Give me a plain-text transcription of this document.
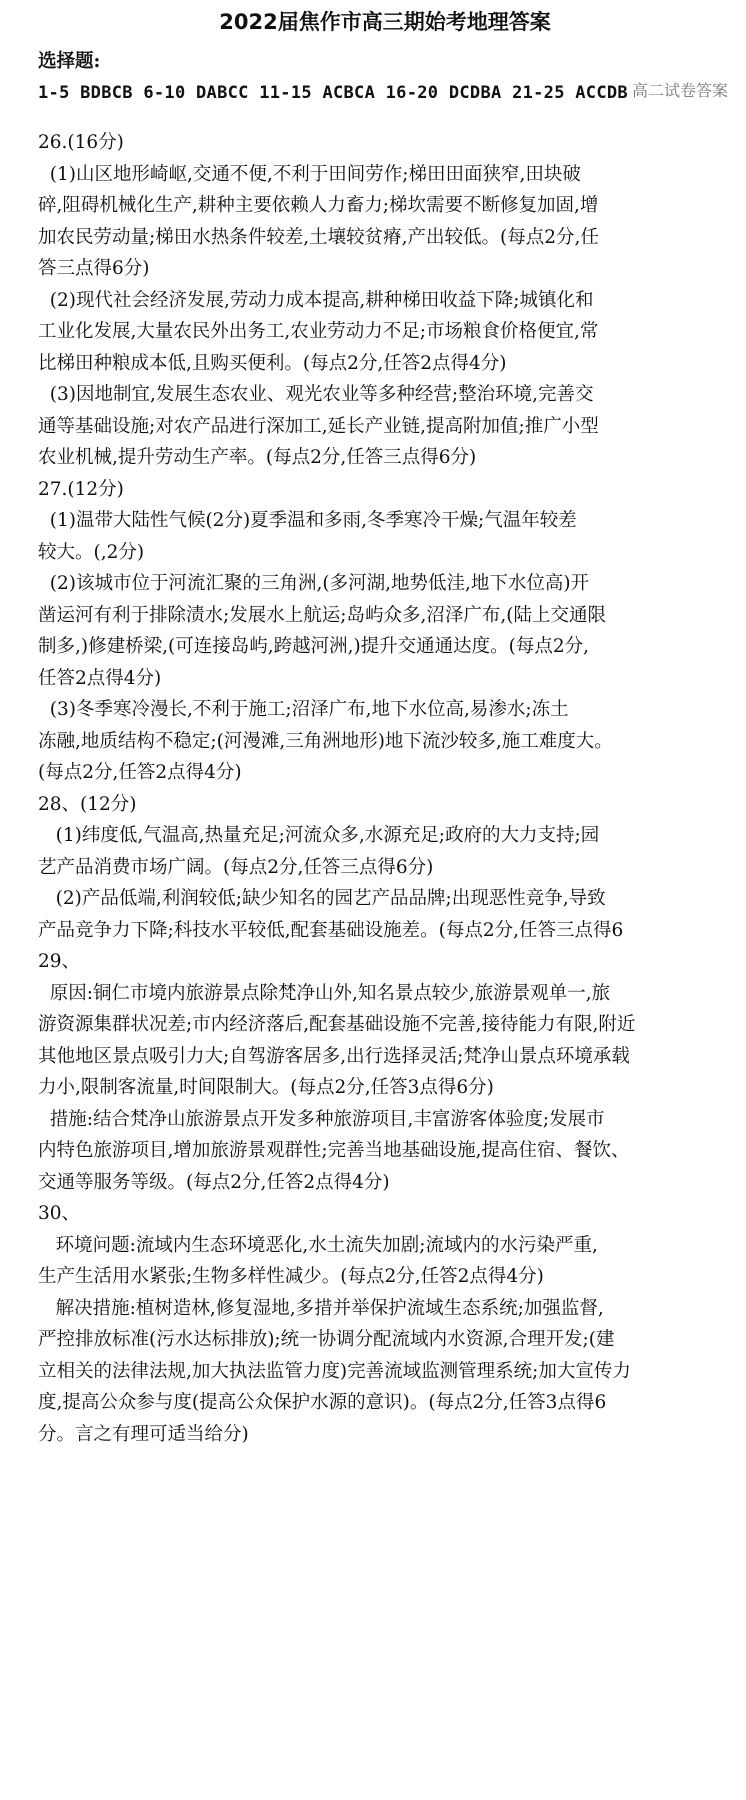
2022届焦作市高三期始考地理答案
高二试卷答案
选择题:
1-5 BDBCB 6-10 DABCC 11-15 ACBCA 16-20 DCDBA 21-25 ACCDB
26.(16分)
(1)山区地形崎岖,交通不便,不利于田间劳作;梯田田面狭窄,田块破
碎,阻碍机械化生产,耕种主要依赖人力畜力;梯坎需要不断修复加固,增
加农民劳动量;梯田水热条件较差,土壤较贫瘠,产出较低。(每点2分,任
答三点得6分)
(2)现代社会经济发展,劳动力成本提高,耕种梯田收益下降;城镇化和
工业化发展,大量农民外出务工,农业劳动力不足;市场粮食价格便宜,常
比梯田种粮成本低,且购买便利。(每点2分,任答2点得4分)
(3)因地制宜,发展生态农业、观光农业等多种经营;整治环境,完善交
通等基础设施;对农产品进行深加工,延长产业链,提高附加值;推广小型
农业机械,提升劳动生产率。(每点2分,任答三点得6分)
27.(12分)
(1)温带大陆性气候(2分)夏季温和多雨,冬季寒冷干燥;气温年较差
较大。(,2分)
(2)该城市位于河流汇聚的三角洲,(多河湖,地势低洼,地下水位高)开
凿运河有利于排除渍水;发展水上航运;岛屿众多,沼泽广布,(陆上交通限
制多,)修建桥梁,(可连接岛屿,跨越河洲,)提升交通通达度。(每点2分,
任答2点得4分)
(3)冬季寒冷漫长,不利于施工;沼泽广布,地下水位高,易渗水;冻土
冻融,地质结构不稳定;(河漫滩,三角洲地形)地下流沙较多,施工难度大。
(每点2分,任答2点得4分)
28、(12分)
(1)纬度低,气温高,热量充足;河流众多,水源充足;政府的大力支持;园
艺产品消费市场广阔。(每点2分,任答三点得6分)
(2)产品低端,利润较低;缺少知名的园艺产品品牌;出现恶性竞争,导致
产品竞争力下降;科技水平较低,配套基础设施差。(每点2分,任答三点得6
29、
原因:铜仁市境内旅游景点除梵净山外,知名景点较少,旅游景观单一,旅
游资源集群状况差;市内经济落后,配套基础设施不完善,接待能力有限,附近
其他地区景点吸引力大;自驾游客居多,出行选择灵活;梵净山景点环境承载
力小,限制客流量,时间限制大。(每点2分,任答3点得6分)
措施:结合梵净山旅游景点开发多种旅游项目,丰富游客体验度;发展市
内特色旅游项目,增加旅游景观群性;完善当地基础设施,提高住宿、餐饮、
交通等服务等级。(每点2分,任答2点得4分)
30、
环境问题:流域内生态环境恶化,水土流失加剧;流域内的水污染严重,
生产生活用水紧张;生物多样性减少。(每点2分,任答2点得4分)
解决措施:植树造林,修复湿地,多措并举保护流域生态系统;加强监督,
严控排放标准(污水达标排放);统一协调分配流域内水资源,合理开发;(建
立相关的法律法规,加大执法监管力度)完善流域监测管理系统;加大宣传力
度,提高公众参与度(提高公众保护水源的意识)。(每点2分,任答3点得6
分。言之有理可适当给分)
